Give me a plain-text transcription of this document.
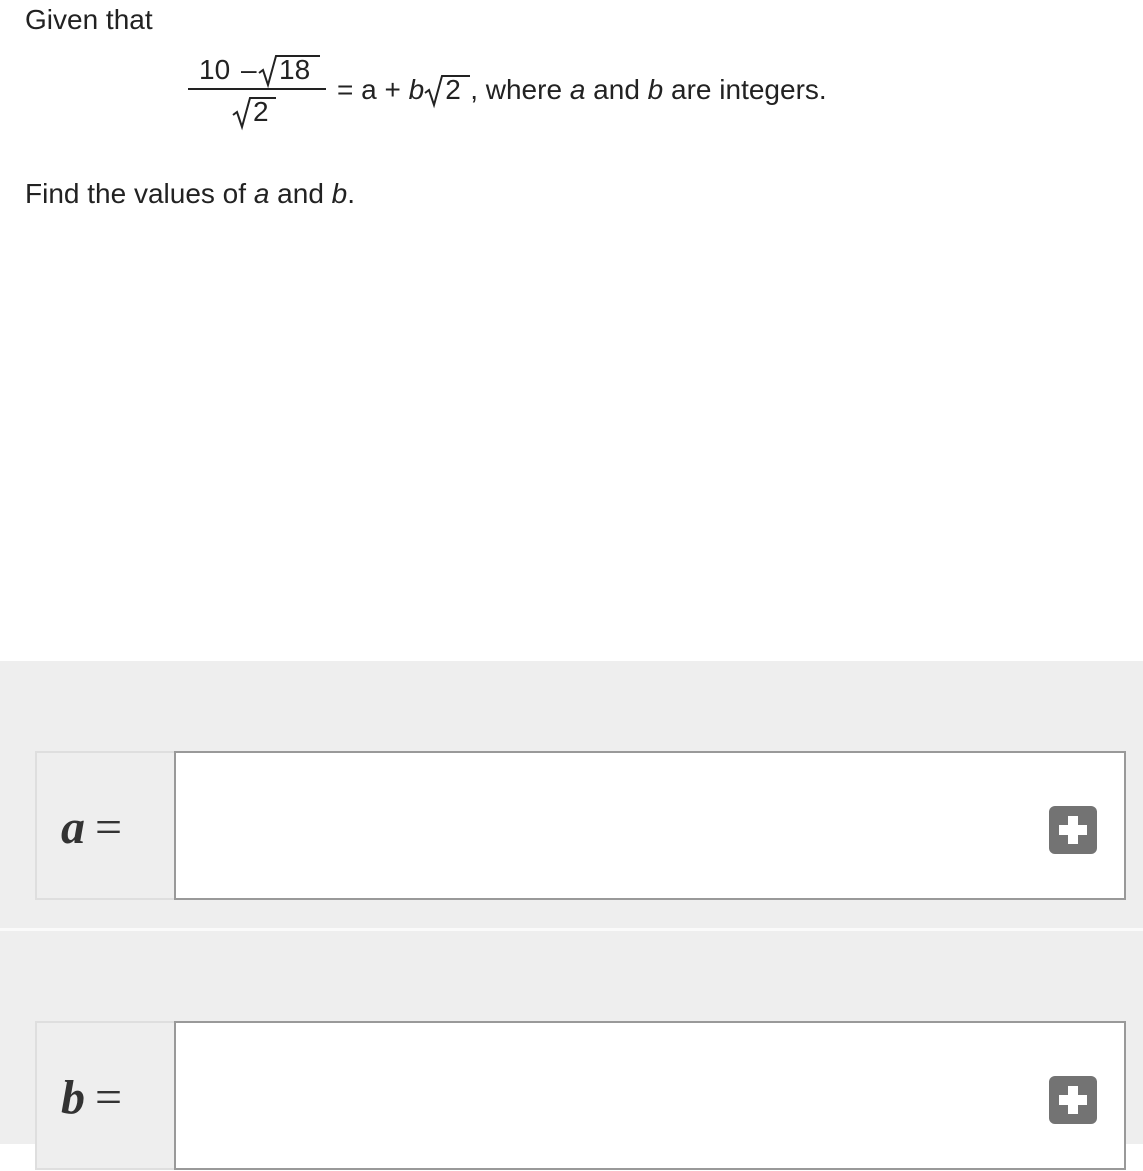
Given that
10 – 18
2
= a + b 2 , where a and b are integers.
Find the values of a and b.
a =
b =
